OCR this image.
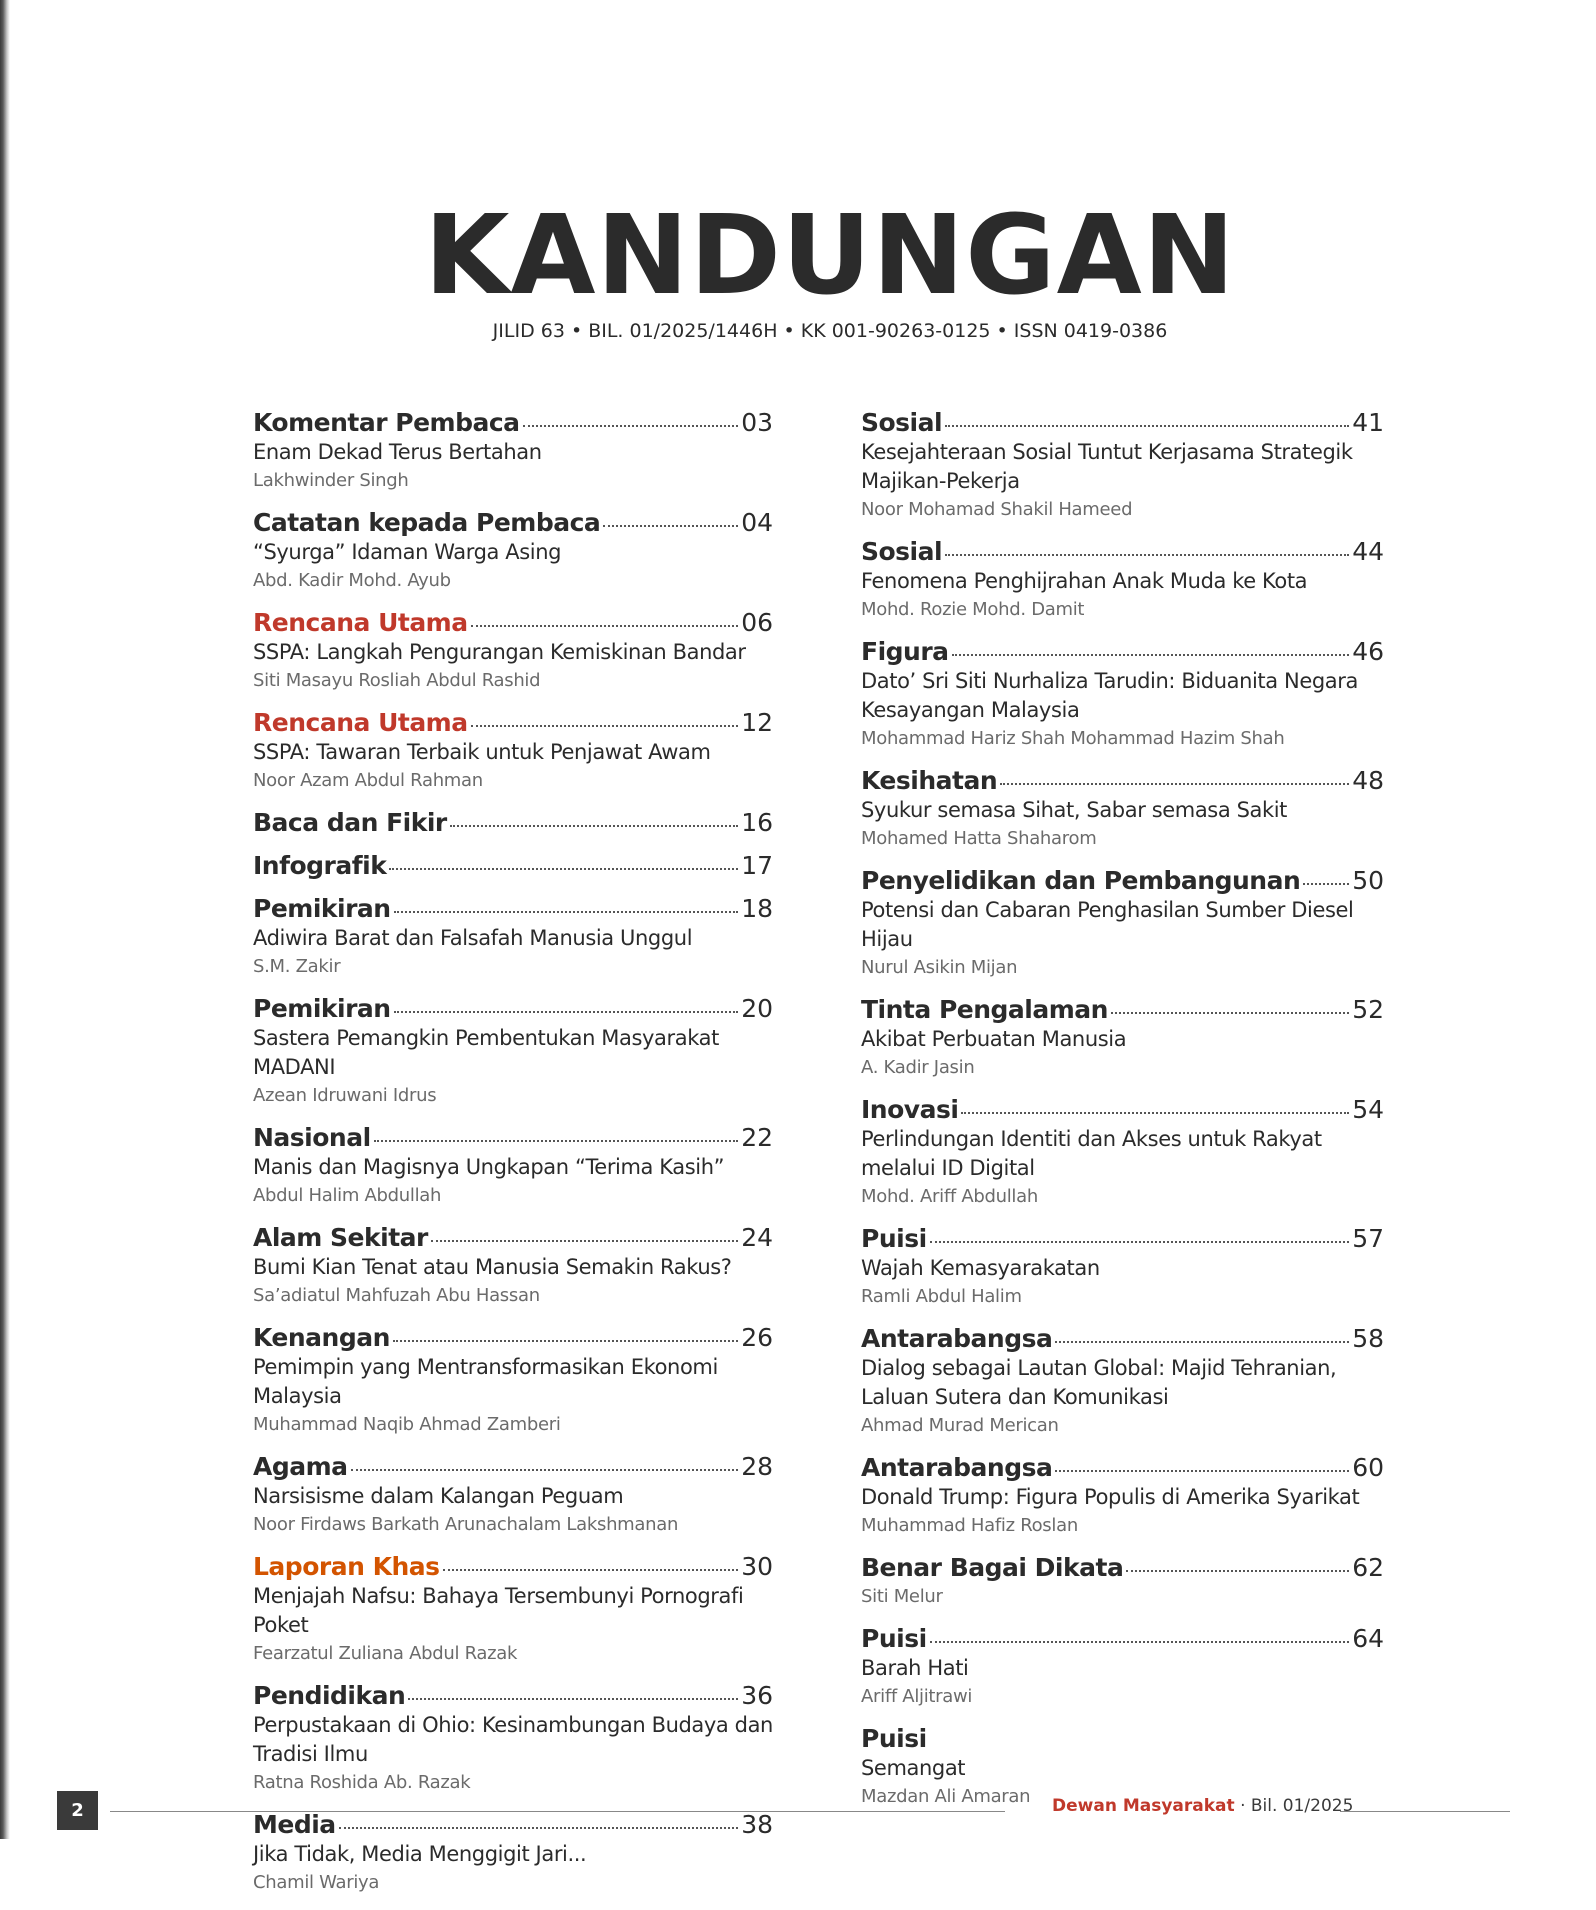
KANDUNGAN
JILID 63 • BIL. 01/2025/1446H • KK 001-90263-0125 • ISSN 0419-0386
Komentar Pembaca	03
Enam Dekad Terus Bertahan
Lakhwinder Singh
Catatan kepada Pembaca	04
“Syurga” Idaman Warga Asing
Abd. Kadir Mohd. Ayub
Rencana Utama	06
SSPA: Langkah Pengurangan Kemiskinan Bandar
Siti Masayu Rosliah Abdul Rashid
Rencana Utama	12
SSPA: Tawaran Terbaik untuk Penjawat Awam
Noor Azam Abdul Rahman
Baca dan Fikir	16
Infografik	17
Pemikiran	18
Adiwira Barat dan Falsafah Manusia Unggul
S.M. Zakir
Pemikiran	20
Sastera Pemangkin Pembentukan Masyarakat MADANI
Azean Idruwani Idrus
Nasional	22
Manis dan Magisnya Ungkapan “Terima Kasih”
Abdul Halim Abdullah
Alam Sekitar	24
Bumi Kian Tenat atau Manusia Semakin Rakus?
Sa’adiatul Mahfuzah Abu Hassan
Kenangan	26
Pemimpin yang Mentransformasikan Ekonomi Malaysia
Muhammad Naqib Ahmad Zamberi
Agama	28
Narsisisme dalam Kalangan Peguam
Noor Firdaws Barkath Arunachalam Lakshmanan
Laporan Khas	30
Menjajah Nafsu: Bahaya Tersembunyi Pornografi Poket
Fearzatul Zuliana Abdul Razak
Pendidikan	36
Perpustakaan di Ohio: Kesinambungan Budaya dan Tradisi Ilmu
Ratna Roshida Ab. Razak
Media	38
Jika Tidak, Media Menggigit Jari...
Chamil Wariya
Sosial	41
Kesejahteraan Sosial Tuntut Kerjasama Strategik Majikan-Pekerja
Noor Mohamad Shakil Hameed
Sosial	44
Fenomena Penghijrahan Anak Muda ke Kota
Mohd. Rozie Mohd. Damit
Figura	46
Dato’ Sri Siti Nurhaliza Tarudin: Biduanita Negara Kesayangan Malaysia
Mohammad Hariz Shah Mohammad Hazim Shah
Kesihatan	48
Syukur semasa Sihat, Sabar semasa Sakit
Mohamed Hatta Shaharom
Penyelidikan dan Pembangunan 50
Potensi dan Cabaran Penghasilan Sumber Diesel Hijau
Nurul Asikin Mijan
Tinta Pengalaman	52
Akibat Perbuatan Manusia
A. Kadir Jasin
Inovasi	54
Perlindungan Identiti dan Akses untuk Rakyat melalui ID Digital
Mohd. Ariff Abdullah
Puisi	57
Wajah Kemasyarakatan
Ramli Abdul Halim
Antarabangsa	58
Dialog sebagai Lautan Global: Majid Tehranian, Laluan Sutera dan Komunikasi
Ahmad Murad Merican
Antarabangsa	60
Donald Trump: Figura Populis di Amerika Syarikat
Muhammad Hafiz Roslan
Benar Bagai Dikata	62
Siti Melur
Puisi	64
Barah Hati
Ariff Aljitrawi
Puisi
Semangat
Mazdan Ali Amaran
2	Dewan Masyarakat · Bil. 01/2025
